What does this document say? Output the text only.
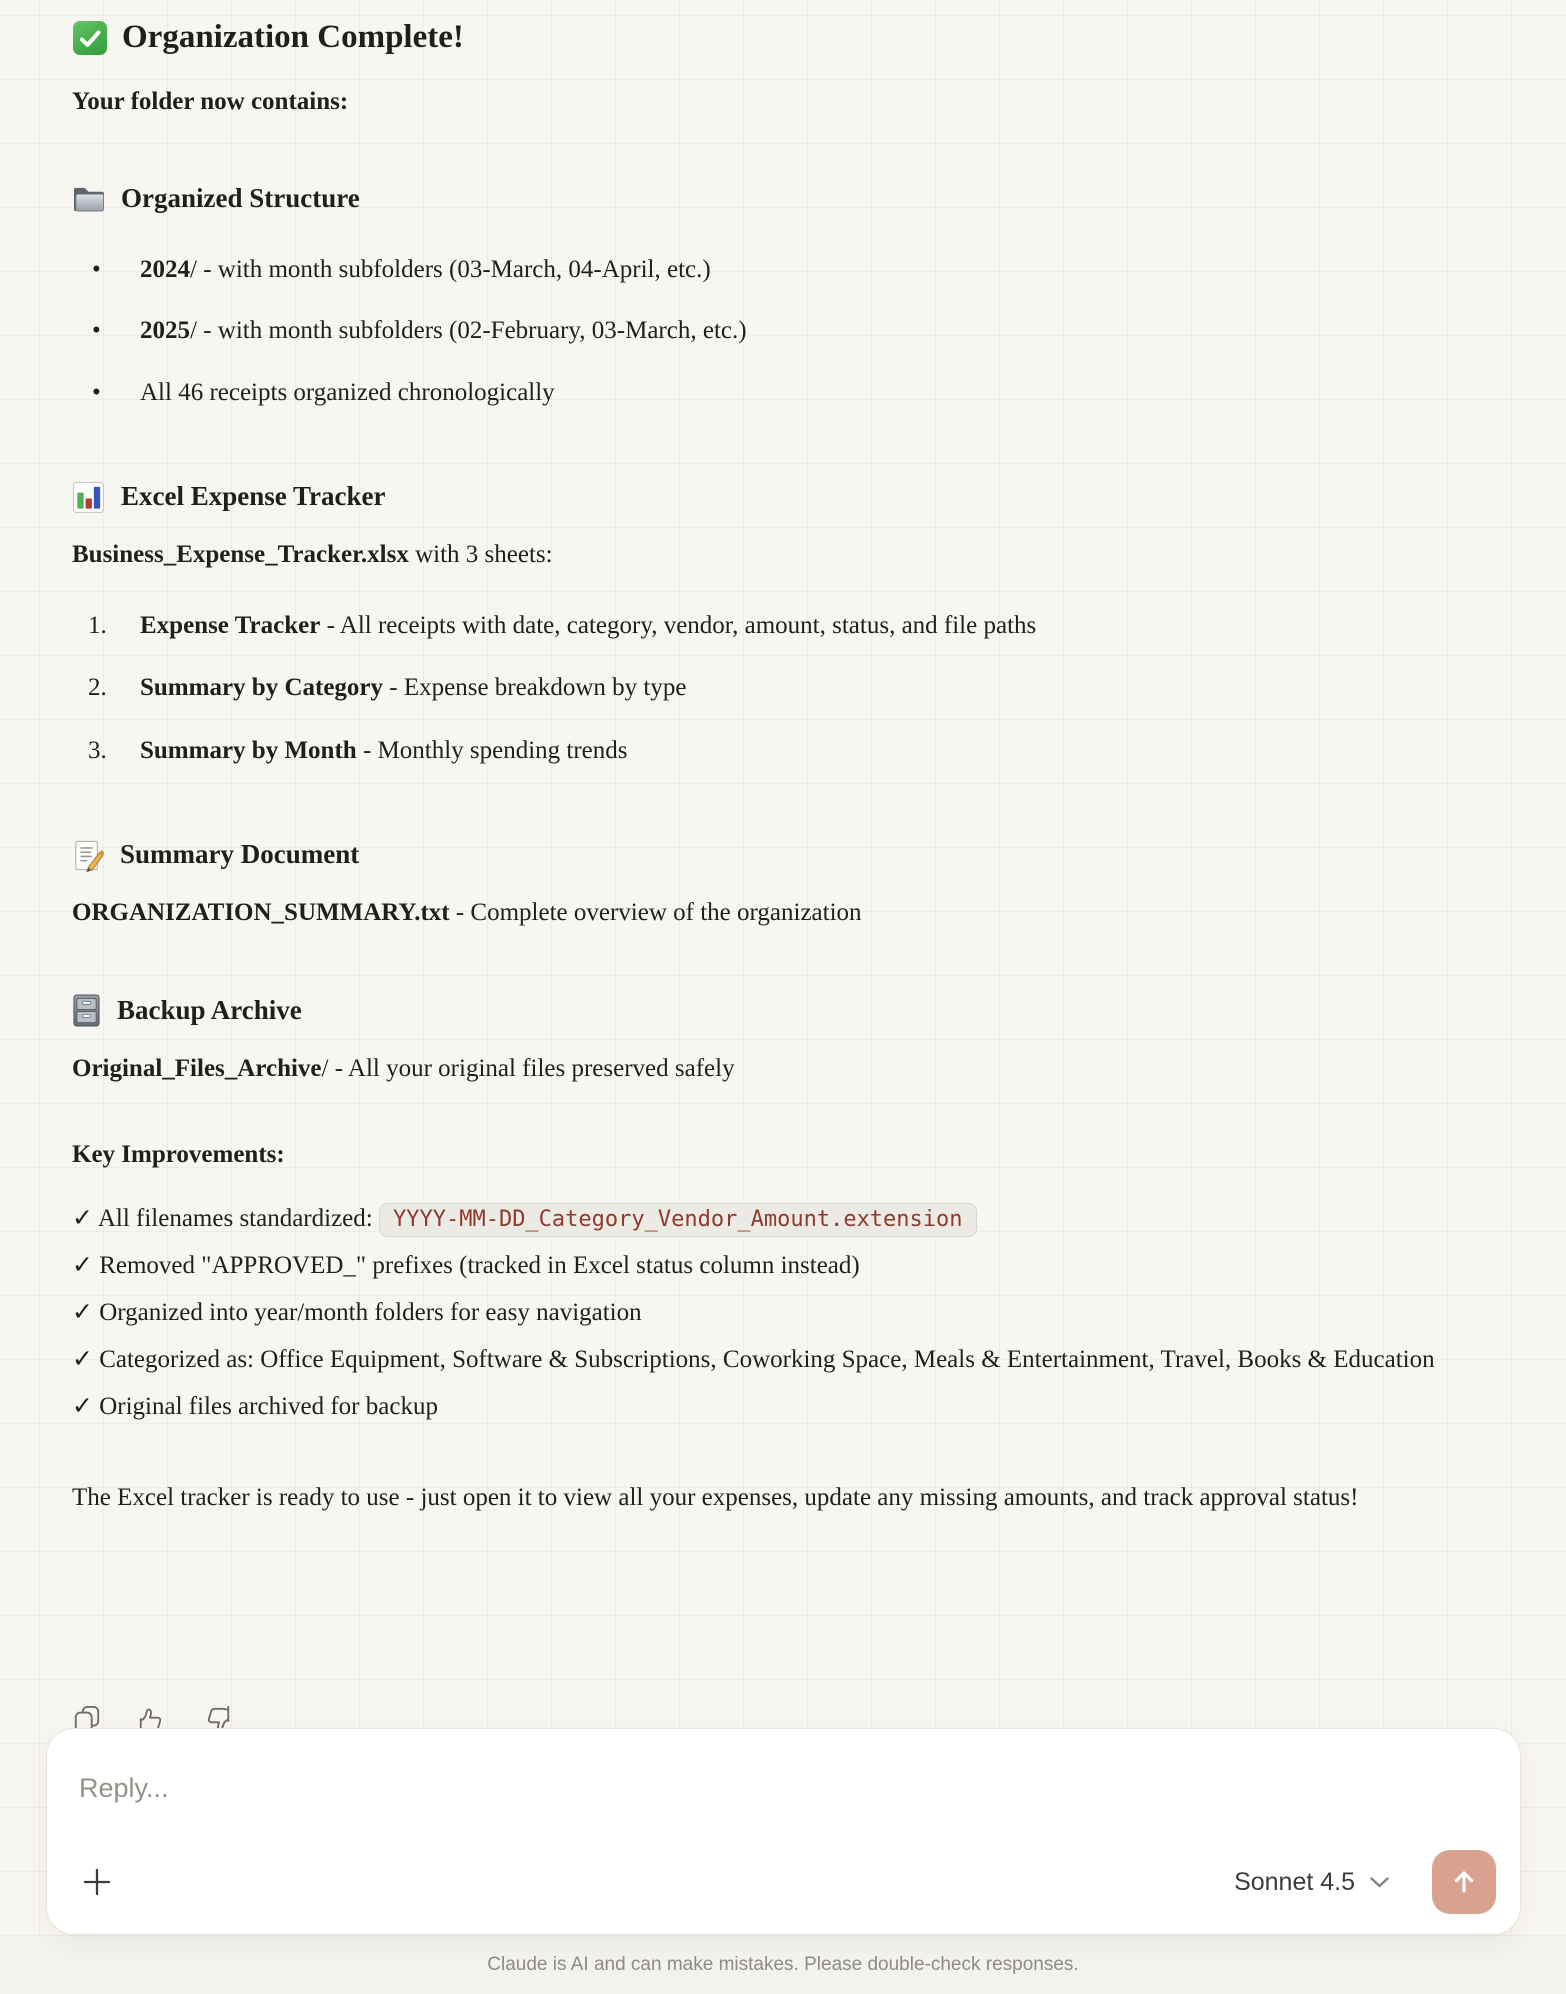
Organization Complete!

Your folder now contains:

Organized Structure
•	2024/ - with month subfolders (03-March, 04-April, etc.)
•	2025/ - with month subfolders (02-February, 03-March, etc.)
•	All 46 receipts organized chronologically
Excel Expense Tracker

Business_Expense_Tracker.xlsx with 3 sheets:

1.	Expense Tracker - All receipts with date, category, vendor, amount, status, and file paths
2.	Summary by Category - Expense breakdown by type
3.	Summary by Month - Monthly spending trends
Summary Document

ORGANIZATION_SUMMARY.txt - Complete overview of the organization

Backup Archive

Original_Files_Archive/ - All your original files preserved safely

Key Improvements:

✓ All filenames standardized: YYYY-MM-DD_Category_Vendor_Amount.extension
✓ Removed "APPROVED_" prefixes (tracked in Excel status column instead)
✓ Organized into year/month folders for easy navigation
✓ Categorized as: Office Equipment, Software & Subscriptions, Coworking Space, Meals & Entertainment, Travel, Books & Education
✓ Original files archived for backup

The Excel tracker is ready to use - just open it to view all your expenses, update any missing amounts, and track approval status!

Reply...
Sonnet 4.5
Claude is AI and can make mistakes. Please double-check responses.
